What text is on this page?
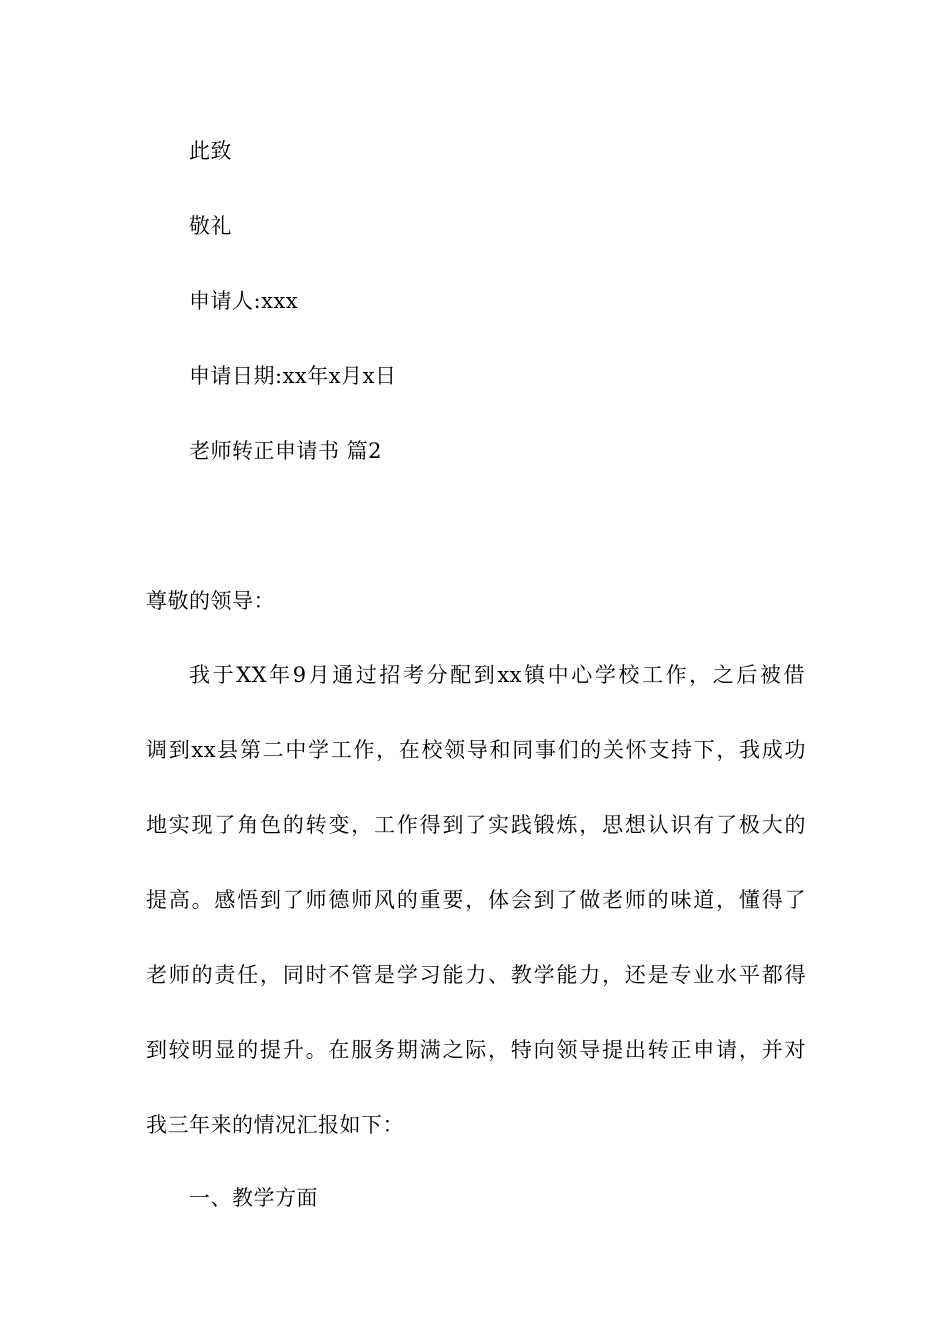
此致
敬礼
申请人:xxx
申请日期:xx年x月x日
老师转正申请书 篇2
尊敬的领导：
我于XX年9月通过招考分配到xx镇中心学校工作，之后被借
调到xx县第二中学工作，在校领导和同事们的关怀支持下，我成功
地实现了角色的转变，工作得到了实践锻炼，思想认识有了极大的
提高。感悟到了师德师风的重要，体会到了做老师的味道，懂得了
老师的责任，同时不管是学习能力、教学能力，还是专业水平都得
到较明显的提升。在服务期满之际，特向领导提出转正申请，并对
我三年来的情况汇报如下：
一、教学方面
